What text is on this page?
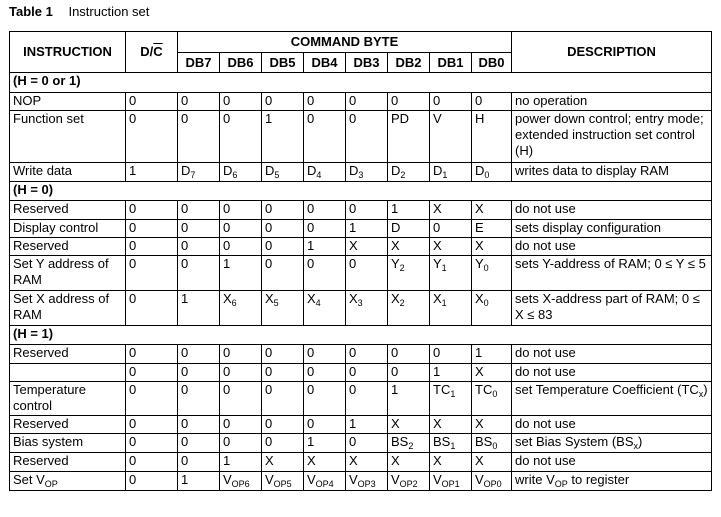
Table 1 Instruction set
INSTRUCTION	$D/\overline{C}$	COMMAND BYTE								DESCRIPTION
		DB7	DB6	DB5	DB4	DB3	DB2	DB1	DB0	
(H = 0 or 1)										
NOP	0	0	0	0	0	0	0	0	0	no operation
Function set	0	0	0	1	0	0	PD	V	H	power down control; entry mode; extended instruction set control (H)
Write data	1	$D_7$	$D_6$	$D_5$	$D_4$	$D_3$	$D_2$	$D_1$	$D_0$	writes data to display RAM
(H = 0)										
Reserved	0	0	0	0	0	0	1	X	X	do not use
Display control	0	0	0	0	0	1	D	0	E	sets display configuration
Reserved	0	0	0	0	1	X	X	X	X	do not use
Set Y address of RAM	0	0	1	0	0	0	$Y_2$	$Y_1$	$Y_0$	sets Y-address of RAM; 0 ≤ Y ≤ 5
Set X address of RAM	0	1	$X_6$	$X_5$	$X_4$	$X_3$	$X_2$	$X_1$	$X_0$	sets X-address part of RAM; 0 ≤ X ≤ 83
(H = 1)										
Reserved	0	0	0	0	0	0	0	0	1	do not use
	0	0	0	0	0	0	0	1	X	do not use
Temperature control	0	0	0	0	0	0	1	$TC_1$	$TC_0$	set Temperature Coefficient $(TC_x)$
Reserved	0	0	0	0	0	1	X	X	X	do not use
Bias system	0	0	0	0	1	0	$BS_2$	$BS_1$	$BS_0$	set Bias System $(BS_x)$
Reserved	0	0	1	X	X	X	X	X	X	do not use
Set $V_{OP}$	0	1	$V_{OP6}$	$V_{OP5}$	$V_{OP4}$	$V_{OP3}$	$V_{OP2}$	$V_{OP1}$	$V_{OP0}$	write $V_{OP}$ to register
